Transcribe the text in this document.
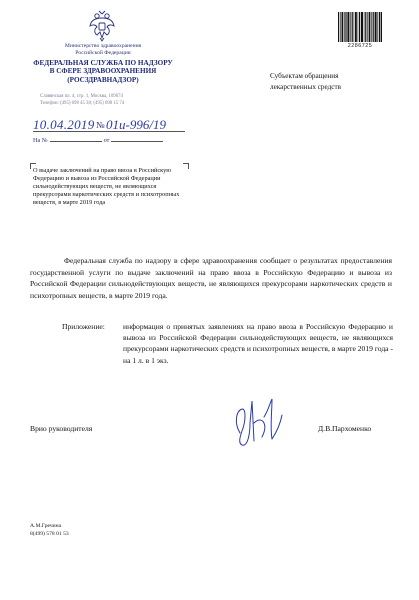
Министерство здравоохранения
Российской Федерации
ФЕДЕРАЛЬНАЯ СЛУЖБА ПО НАДЗОРУ
В СФЕРЕ ЗДРАВООХРАНЕНИЯ
(РОСЗДРАВНАДЗОР)
Славянская пл. 4, стр. 1, Москва, 109074
Телефон: (495) 698 45 38; (495) 698 15 74
10.04.2019 № 01и-996/19
На №	от
О выдаче заключений на право ввоза в Российскую Федерацию и вывоза из Российской Федерации сильнодействующих веществ, не являющихся прекурсорами наркотических средств и психотропных веществ, в марте 2019 года
2286725
Субъектам обращения
лекарственных средств
Федеральная служба по надзору в сфере здравоохранения сообщает о результатах предоставления государственной услуги по выдаче заключений на право ввоза в Российскую Федерацию и вывоза из Российской Федерации сильнодействующих веществ, не являющихся прекурсорами наркотических средств и психотропных веществ, в марте 2019 года.
Приложение: информация о принятых заявлениях на право ввоза в Российскую Федерацию и вывоза из Российской Федерации сильнодействующих веществ, не являющихся прекурсорами наркотических средств и психотропных веществ, в марте 2019 года - на 1 л. в 1 экз.
Врио руководителя	Д.В.Пархоменко
А.М.Гречина
8(499) 578 01 53
